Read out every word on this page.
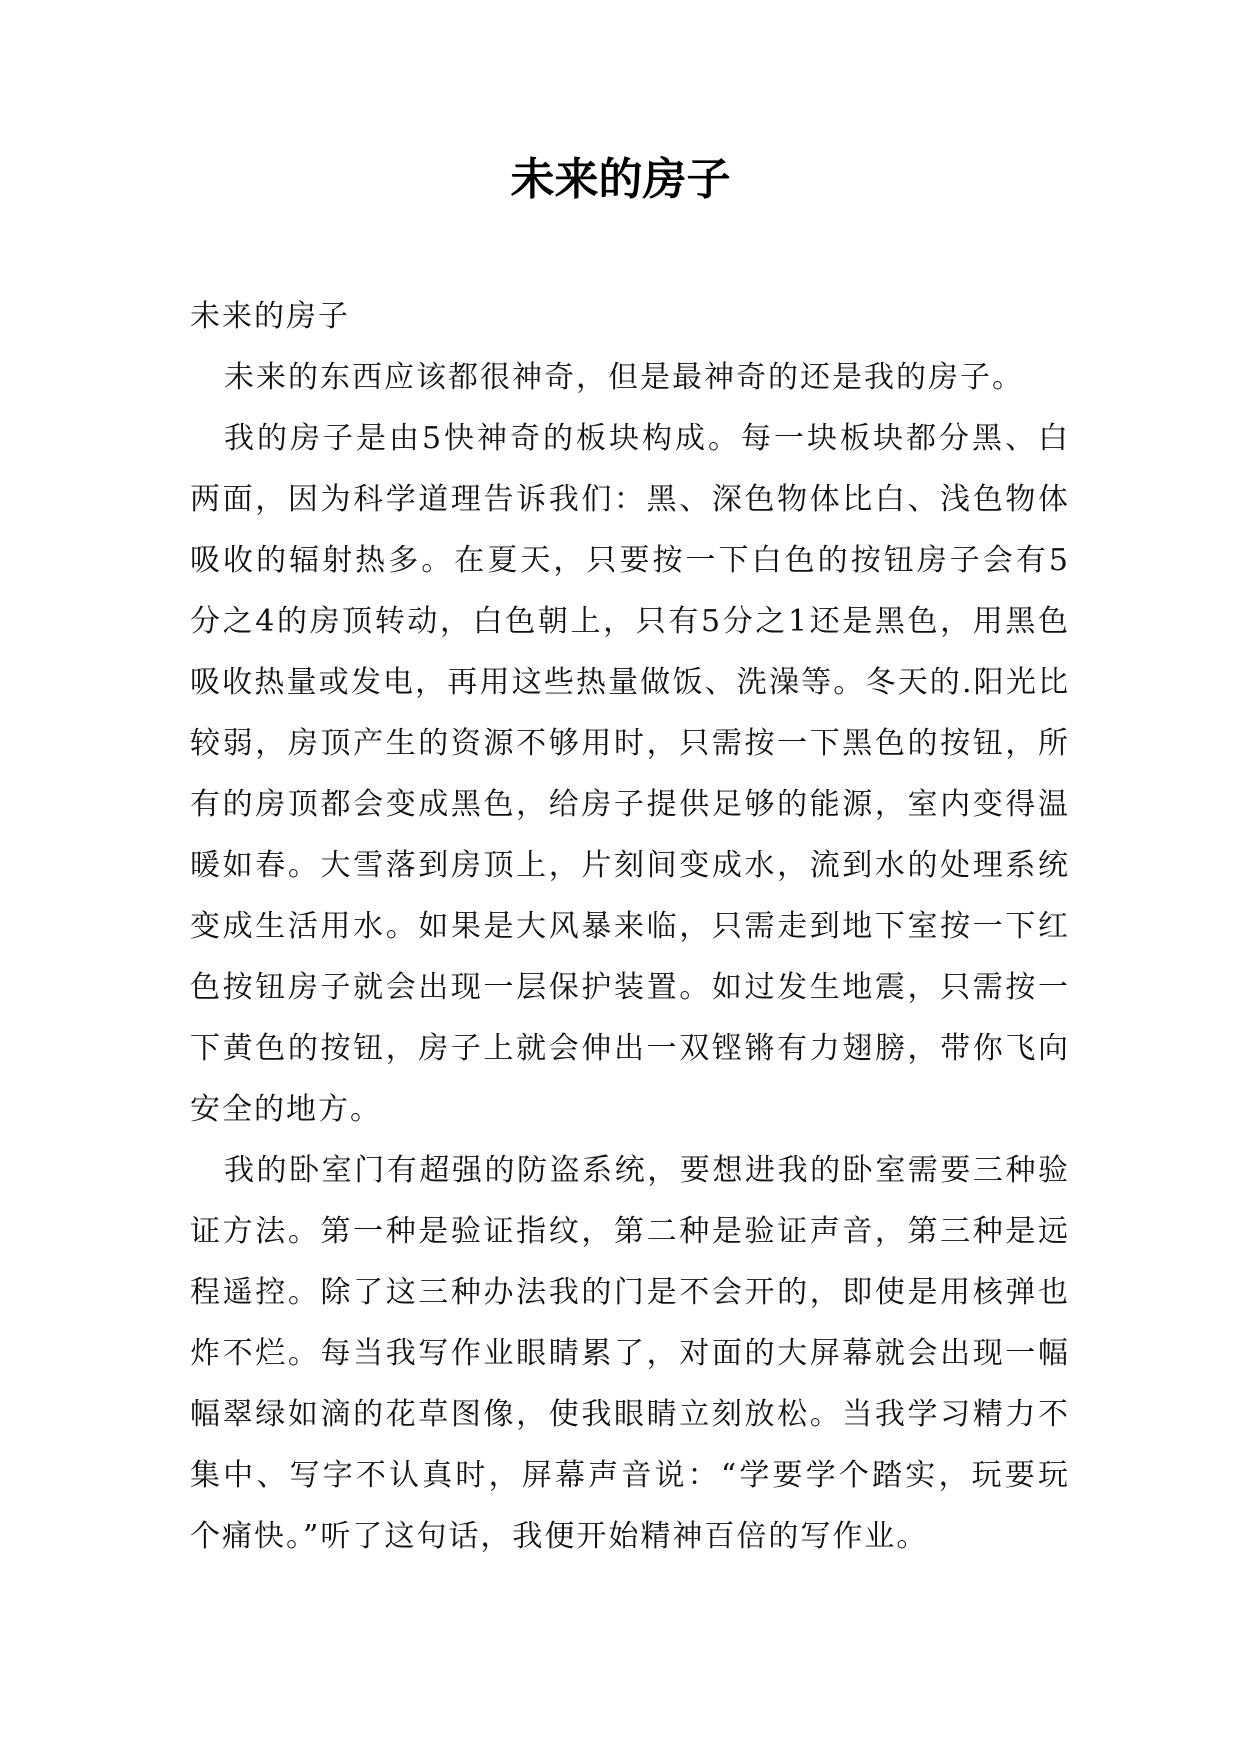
未来的房子

未来的房子

未来的东西应该都很神奇，但是最神奇的还是我的房子。

我的房子是由5快神奇的板块构成。每一块板块都分黑、白两面，因为科学道理告诉我们：黑、深色物体比白、浅色物体吸收的辐射热多。在夏天，只要按一下白色的按钮房子会有5分之4的房顶转动，白色朝上，只有5分之1还是黑色，用黑色吸收热量或发电，再用这些热量做饭、洗澡等。冬天的.阳光比较弱，房顶产生的资源不够用时，只需按一下黑色的按钮，所有的房顶都会变成黑色，给房子提供足够的能源，室内变得温暖如春。大雪落到房顶上，片刻间变成水，流到水的处理系统变成生活用水。如果是大风暴来临，只需走到地下室按一下红色按钮房子就会出现一层保护装置。如过发生地震，只需按一下黄色的按钮，房子上就会伸出一双铿锵有力翅膀，带你飞向安全的地方。

我的卧室门有超强的防盗系统，要想进我的卧室需要三种验证方法。第一种是验证指纹，第二种是验证声音，第三种是远程遥控。除了这三种办法我的门是不会开的，即使是用核弹也炸不烂。每当我写作业眼睛累了，对面的大屏幕就会出现一幅幅翠绿如滴的花草图像，使我眼睛立刻放松。当我学习精力不集中、写字不认真时，屏幕声音说：“学要学个踏实，玩要玩个痛快。”听了这句话，我便开始精神百倍的写作业。
